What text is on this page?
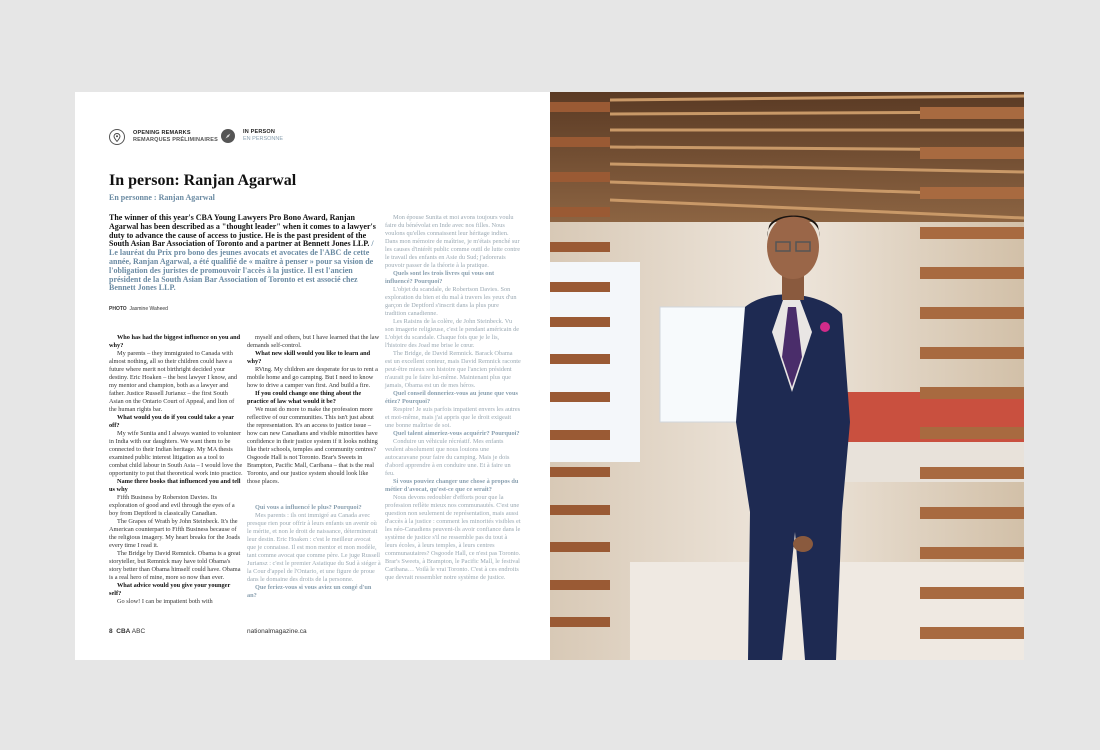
OPENING REMARKS
REMARQUES PRÉLIMINAIRES
IN PERSON
EN PERSONNE
In person: Ranjan Agarwal
En personne : Ranjan Agarwal
The winner of this year's CBA Young Lawyers Pro Bono Award, Ranjan Agarwal has been described as a "thought leader" when it comes to a lawyer's duty to advance the cause of access to justice. He is the past president of the South Asian Bar Association of Toronto and a partner at Bennett Jones LLP. / Le lauréat du Prix pro bono des jeunes avocats et avocates de l'ABC de cette année, Ranjan Agarwal, a été qualifié de « maître à penser » pour sa vision de l'obligation des juristes de promouvoir l'accès à la justice. Il est l'ancien président de la South Asian Bar Association of Toronto et est associé chez Bennett Jones LLP.
PHOTO Jasmine Waheed

Who has had the biggest influence on you and why?

My parents – they immigrated to Canada with almost nothing, all so their children could have a future where merit not birthright decided your destiny. Eric Hoaken – the best lawyer I know, and my mentor and champion, both as a lawyer and father. Justice Russell Juriansz – the first South Asian on the Ontario Court of Appeal, and lion of the human rights bar.

What would you do if you could take a year off?

My wife Sunita and I always wanted to volunteer in India with our daughters. We want them to be connected to their Indian heritage. My MA thesis examined public interest litigation as a tool to combat child labour in South Asia – I would love the opportunity to put that theoretical work into practice.

Name three books that influenced you and tell us why

Fifth Business by Roberston Davies. Its exploration of good and evil through the eyes of a boy from Deptford is classically Canadian.

The Grapes of Wrath by John Steinbeck. It's the American counterpart to Fifth Business because of the religious imagery. My heart breaks for the Joads every time I read it.

The Bridge by David Remnick. Obama is a great storyteller, but Remnick may have told Obama's story better than Obama himself could have. Obama is a real hero of mine, more so now than ever.

What advice would you give your younger self?

Go slow! I can be impatient both with

myself and others, but I have learned that the law demands self-control.

What new skill would you like to learn and why?

RVing. My children are desperate for us to rent a mobile home and go camping. But I need to know how to drive a camper van first. And build a fire.

If you could change one thing about the practice of law what would it be?

We must do more to make the profession more reflective of our communities. This isn't just about the representation. It's an access to justice issue – how can new Canadians and visible minorities have confidence in their justice system if it looks nothing like their schools, temples and community centres? Osgoode Hall is not Toronto. Brar's Sweets in Brampton, Pacific Mall, Caribana – that is the real Toronto, and our justice system should look like those places.

Qui vous a influencé le plus? Pourquoi?

Mes parents : ils ont immigré au Canada avec presque rien pour offrir à leurs enfants un avenir où le mérite, et non le droit de naissance, déterminerait leur destin. Eric Hoaken : c'est le meilleur avocat que je connaisse. Il est mon mentor et mon modèle, tant comme avocat que comme père. Le juge Russell Juriansz : c'est le premier Asiatique du Sud à siéger à la Cour d'appel de l'Ontario, et une figure de proue dans le domaine des droits de la personne.

Que feriez-vous si vous aviez un congé d'un an?

Mon épouse Sunita et moi avons toujours voulu faire du bénévolat en Inde avec nos filles. Nous voulons qu'elles connaissent leur héritage indien. Dans mon mémoire de maîtrise, je m'étais penché sur les causes d'intérêt public comme outil de lutte contre le travail des enfants en Asie du Sud; j'adorerais pouvoir passer de la théorie à la pratique.

Quels sont les trois livres qui vous ont influencé? Pourquoi?

L'objet du scandale, de Robertson Davies. Son exploration du bien et du mal à travers les yeux d'un garçon de Deptford s'inscrit dans la plus pure tradition canadienne.

Les Raisins de la colère, de John Steinbeck. Vu son imagerie religieuse, c'est le pendant américain de L'objet du scandale. Chaque fois que je le lis, l'histoire des Joad me brise le cœur.

The Bridge, de David Remnick. Barack Obama est un excellent conteur, mais David Remnick raconte peut-être mieux son histoire que l'ancien président n'aurait pu le faire lui-même. Maintenant plus que jamais, Obama est un de mes héros.

Quel conseil donneriez-vous au jeune que vous étiez? Pourquoi?

Respire! Je suis parfois impatient envers les autres et moi-même, mais j'ai appris que le droit exigeait une bonne maîtrise de soi.

Quel talent aimeriez-vous acquérir? Pourquoi?

Conduire un véhicule récréatif. Mes enfants veulent absolument que nous louions une autocaravane pour faire du camping. Mais je dois d'abord apprendre à en conduire une. Et à faire un feu.

Si vous pouviez changer une chose à propos du métier d'avocat, qu'est-ce que ce serait?

Nous devons redoubler d'efforts pour que la profession reflète mieux nos communautés. C'est une question non seulement de représentation, mais aussi d'accès à la justice : comment les minorités visibles et les néo-Canadiens peuvent-ils avoir confiance dans le système de justice s'il ne ressemble pas du tout à leurs écoles, à leurs temples, à leurs centres communautaires? Osgoode Hall, ce n'est pas Toronto. Brar's Sweets, à Brampton, le Pacific Mall, le festival Caribana… Voilà le vrai Toronto. C'est à ces endroits que devrait ressembler notre système de justice.

8 CBA ABC	nationalmagazine.ca
